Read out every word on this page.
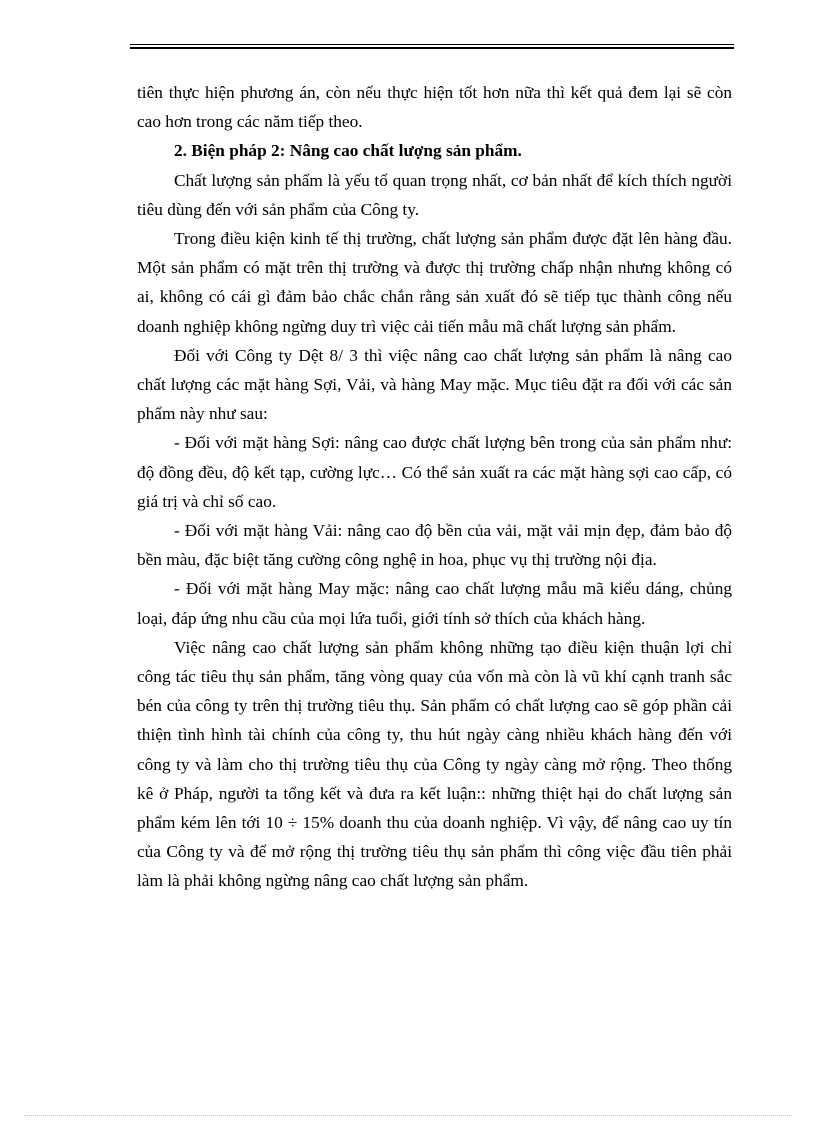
tiên thực hiện phương án, còn nếu thực hiện tốt hơn nữa thì kết quả đem lại sẽ còn cao hơn trong các năm tiếp theo.

2. Biện pháp 2: Nâng cao chất lượng sản phẩm.

Chất lượng sản phẩm là yếu tố quan trọng nhất, cơ bản nhất để kích thích người tiêu dùng đến với sản phẩm của Công ty.

Trong điều kiện kinh tế thị trường, chất lượng sản phẩm được đặt lên hàng đầu. Một sản phẩm có mặt trên thị trường và được thị trường chấp nhận nhưng không có ai, không có cái gì đảm bảo chắc chắn rằng sản xuất đó sẽ tiếp tục thành công nếu doanh nghiệp không ngừng duy trì việc cải tiến mẫu mã chất lượng sản phẩm.

Đối với Công ty Dệt 8/ 3 thì việc nâng cao chất lượng sản phẩm là nâng cao chất lượng các mặt hàng Sợi, Vải, và hàng May mặc. Mục tiêu đặt ra đối với các sản phẩm này như sau:

- Đối với mặt hàng Sợi: nâng cao được chất lượng bên trong của sản phẩm như: độ đồng đều, độ kết tạp, cường lực… Có thể sản xuất ra các mặt hàng sợi cao cấp, có giá trị và chỉ số cao.

- Đối với mặt hàng Vải: nâng cao độ bền của vải, mặt vải mịn đẹp, đảm bảo độ bền màu, đặc biệt tăng cường công nghệ in hoa, phục vụ thị trường nội địa.

- Đối với mặt hàng May mặc: nâng cao chất lượng mẫu mã kiểu dáng, chủng loại, đáp ứng nhu cầu của mọi lứa tuổi, giới tính sở thích của khách hàng.

Việc nâng cao chất lượng sản phẩm không những tạo điều kiện thuận lợi chỉ công tác tiêu thụ sản phẩm, tăng vòng quay của vốn mà còn là vũ khí cạnh tranh sắc bén của công ty trên thị trường tiêu thụ. Sản phẩm có chất lượng cao sẽ góp phần cải thiện tình hình tài chính của công ty, thu hút ngày càng nhiều khách hàng đến với công ty và làm cho thị trường tiêu thụ của Công ty ngày càng mở rộng. Theo thống kê ở Pháp, người ta tổng kết và đưa ra kết luận:: những thiệt hại do chất lượng sản phẩm kém lên tới 10 ÷ 15% doanh thu của doanh nghiệp. Vì vậy, để nâng cao uy tín của Công ty và để mở rộng thị trường tiêu thụ sản phẩm thì công việc đầu tiên phải làm là phải không ngừng nâng cao chất lượng sản phẩm.
